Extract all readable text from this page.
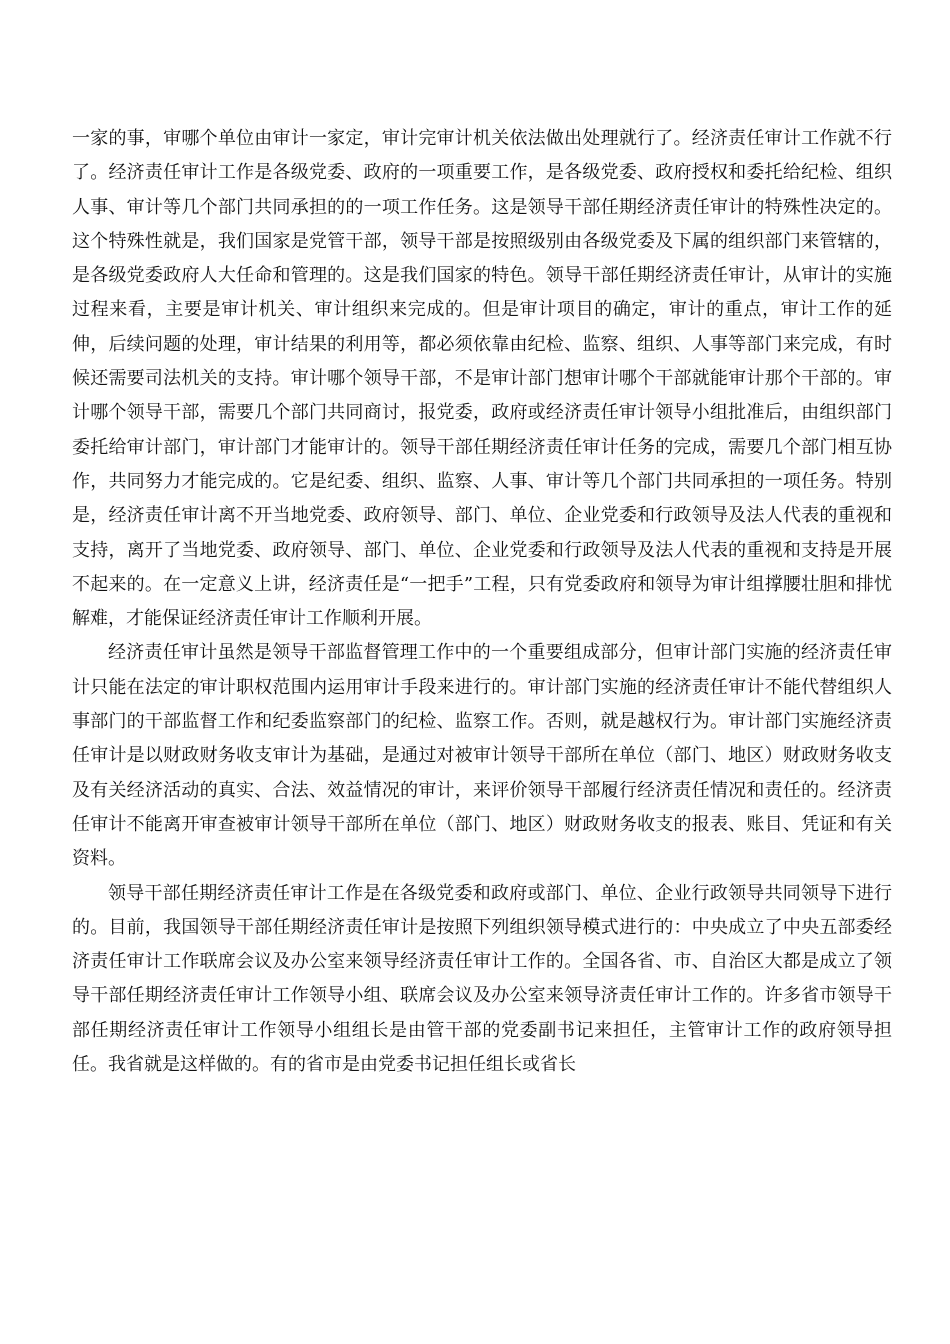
一家的事，审哪个单位由审计一家定，审计完审计机关依法做出处理就行了。经济责任审计工作就不行了。经济责任审计工作是各级党委、政府的一项重要工作，是各级党委、政府授权和委托给纪检、组织人事、审计等几个部门共同承担的的一项工作任务。这是领导干部任期经济责任审计的特殊性决定的。这个特殊性就是，我们国家是党管干部，领导干部是按照级别由各级党委及下属的组织部门来管辖的，是各级党委政府人大任命和管理的。这是我们国家的特色。领导干部任期经济责任审计，从审计的实施过程来看，主要是审计机关、审计组织来完成的。但是审计项目的确定，审计的重点，审计工作的延伸，后续问题的处理，审计结果的利用等，都必须依靠由纪检、监察、组织、人事等部门来完成，有时候还需要司法机关的支持。审计哪个领导干部，不是审计部门想审计哪个干部就能审计那个干部的。审计哪个领导干部，需要几个部门共同商讨，报党委，政府或经济责任审计领导小组批准后，由组织部门委托给审计部门，审计部门才能审计的。领导干部任期经济责任审计任务的完成，需要几个部门相互协作，共同努力才能完成的。它是纪委、组织、监察、人事、审计等几个部门共同承担的一项任务。特别是，经济责任审计离不开当地党委、政府领导、部门、单位、企业党委和行政领导及法人代表的重视和支持，离开了当地党委、政府领导、部门、单位、企业党委和行政领导及法人代表的重视和支持是开展不起来的。在一定意义上讲，经济责任是“一把手”工程，只有党委政府和领导为审计组撑腰壮胆和排忧解难，才能保证经济责任审计工作顺利开展。

经济责任审计虽然是领导干部监督管理工作中的一个重要组成部分，但审计部门实施的经济责任审计只能在法定的审计职权范围内运用审计手段来进行的。审计部门实施的经济责任审计不能代替组织人事部门的干部监督工作和纪委监察部门的纪检、监察工作。否则，就是越权行为。审计部门实施经济责任审计是以财政财务收支审计为基础，是通过对被审计领导干部所在单位（部门、地区）财政财务收支及有关经济活动的真实、合法、效益情况的审计，来评价领导干部履行经济责任情况和责任的。经济责任审计不能离开审查被审计领导干部所在单位（部门、地区）财政财务收支的报表、账目、凭证和有关资料。

领导干部任期经济责任审计工作是在各级党委和政府或部门、单位、企业行政领导共同领导下进行的。目前，我国领导干部任期经济责任审计是按照下列组织领导模式进行的：中央成立了中央五部委经济责任审计工作联席会议及办公室来领导经济责任审计工作的。全国各省、市、自治区大都是成立了领导干部任期经济责任审计工作领导小组、联席会议及办公室来领导济责任审计工作的。许多省市领导干部任期经济责任审计工作领导小组组长是由管干部的党委副书记来担任，主管审计工作的政府领导担任。我省就是这样做的。有的省市是由党委书记担任组长或省长
